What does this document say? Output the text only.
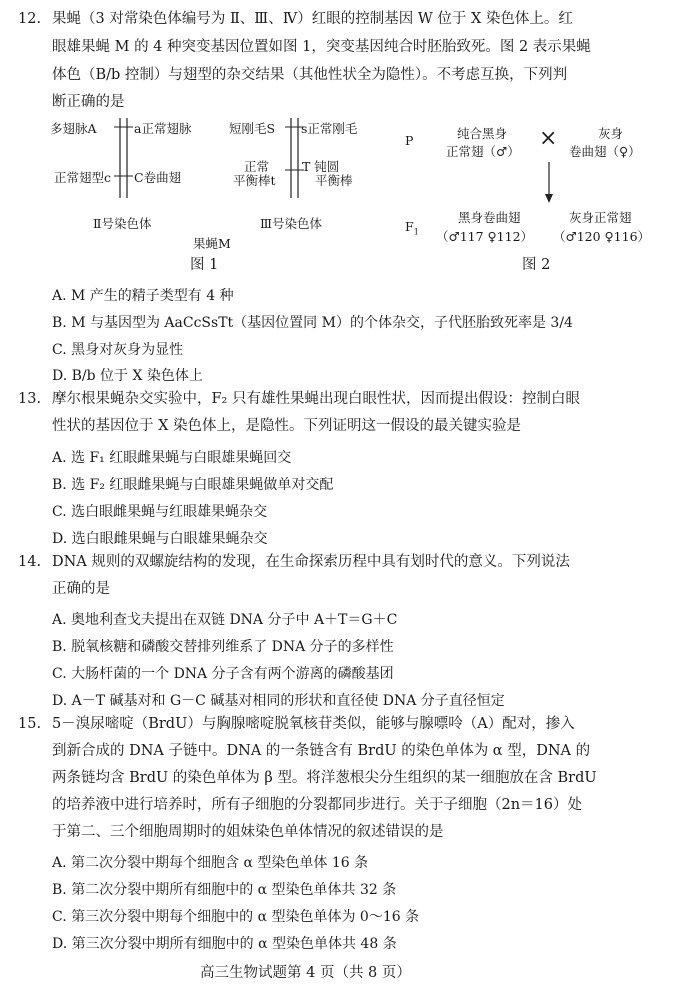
12. 果蝇（3 对常染色体编号为 Ⅱ、Ⅲ、Ⅳ）红眼的控制基因 W 位于 X 染色体上。红
眼雄果蝇 M 的 4 种突变基因位置如图 1，突变基因纯合时胚胎致死。图 2 表示果蝇
体色（B/b 控制）与翅型的杂交结果（其他性状全为隐性）。不考虑互换，下列判
断正确的是
多翅脉A	a正常翅脉
正常翅型c C卷曲翅
Ⅱ号染色体
短刚毛S s正常刚毛
正常
平衡棒t
T 钝圆
平衡棒
Ⅲ号染色体
果蝇M
图 1
P	纯合黑身
正常翅（♂）
×	灰身
卷曲翅（♀）
$F_1$
黑身卷曲翅
（♂117 ♀112）
灰身正常翅
（♂120 ♀116）
图 2
A. M 产生的精子类型有 4 种
B. M 与基因型为 AaCcSsTt（基因位置同 M）的个体杂交，子代胚胎致死率是 3/4
C. 黑身对灰身为显性
D. B/b 位于 X 染色体上
13. 摩尔根果蝇杂交实验中，F₂ 只有雄性果蝇出现白眼性状，因而提出假设：控制白眼
性状的基因位于 X 染色体上，是隐性。下列证明这一假设的最关键实验是
A. 选 F₁ 红眼雌果蝇与白眼雄果蝇回交
B. 选 F₂ 红眼雌果蝇与白眼雄果蝇做单对交配
C. 选白眼雌果蝇与红眼雄果蝇杂交
D. 选白眼雌果蝇与白眼雄果蝇杂交
14. DNA 规则的双螺旋结构的发现，在生命探索历程中具有划时代的意义。下列说法
正确的是
A. 奥地利查戈夫提出在双链 DNA 分子中 A＋T＝G＋C
B. 脱氧核糖和磷酸交替排列维系了 DNA 分子的多样性
C. 大肠杆菌的一个 DNA 分子含有两个游离的磷酸基团
D. A－T 碱基对和 G－C 碱基对相同的形状和直径使 DNA 分子直径恒定
15. 5－溴尿嘧啶（BrdU）与胸腺嘧啶脱氧核苷类似，能够与腺嘌呤（A）配对，掺入
到新合成的 DNA 子链中。DNA 的一条链含有 BrdU 的染色单体为 α 型，DNA 的
两条链均含 BrdU 的染色单体为 β 型。将洋葱根尖分生组织的某一细胞放在含 BrdU
的培养液中进行培养时，所有子细胞的分裂都同步进行。关于子细胞（2n＝16）处
于第二、三个细胞周期时的姐妹染色单体情况的叙述错误的是
A. 第二次分裂中期每个细胞含 α 型染色单体 16 条
B. 第二次分裂中期所有细胞中的 α 型染色单体共 32 条
C. 第三次分裂中期每个细胞中的 α 型染色单体为 0～16 条
D. 第三次分裂中期所有细胞中的 α 型染色单体共 48 条
高三生物试题第 4 页（共 8 页）
